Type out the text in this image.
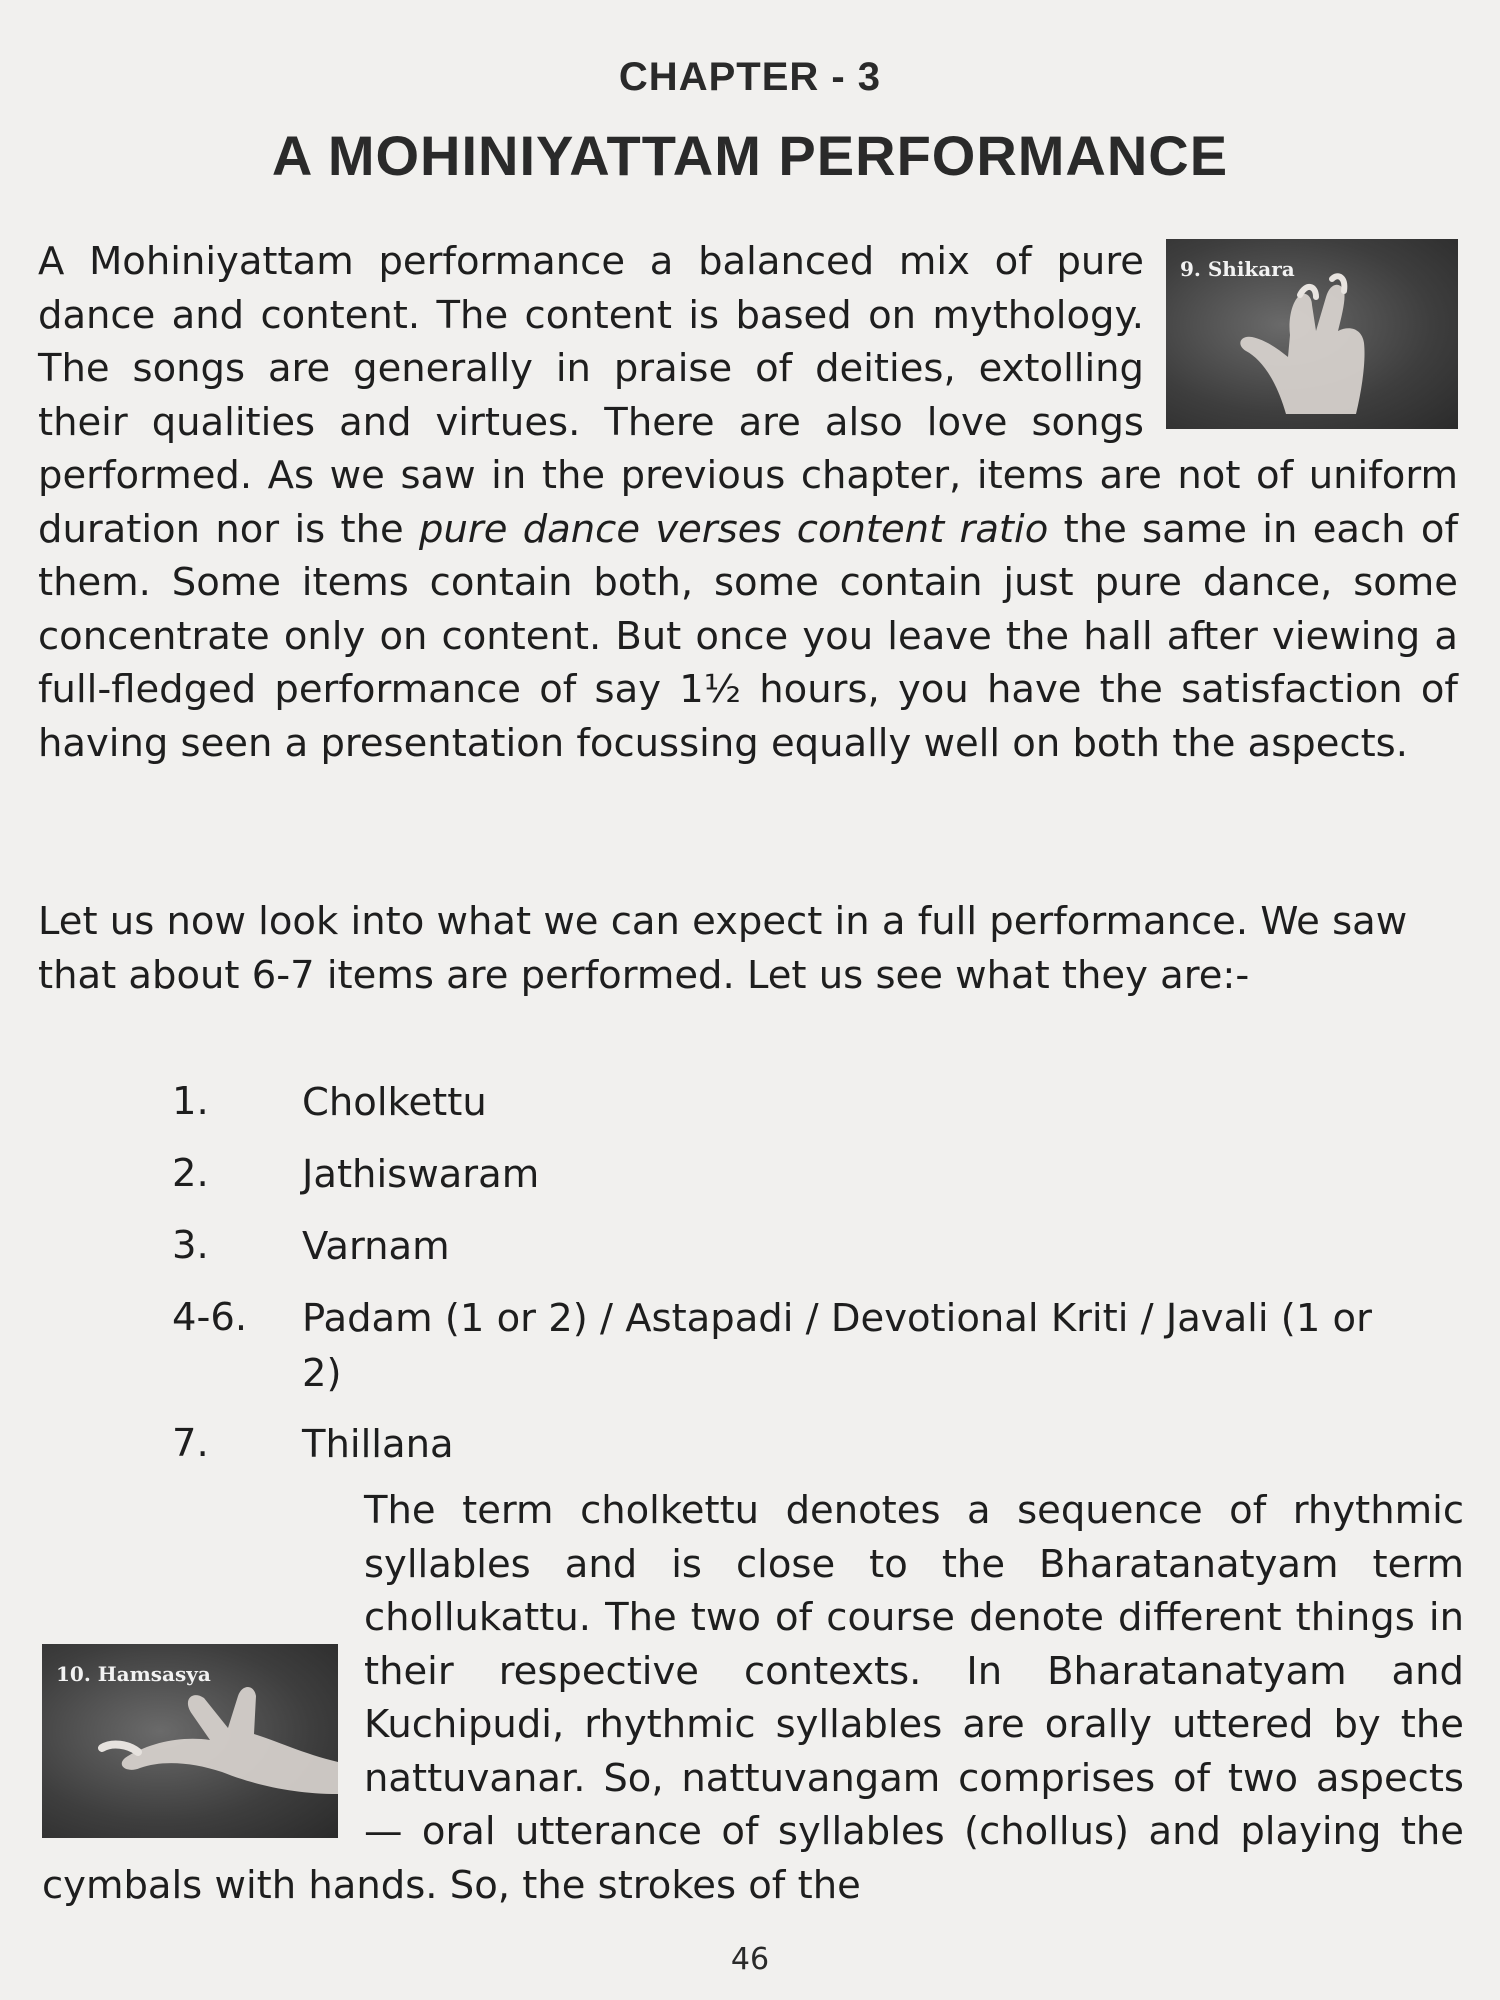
CHAPTER - 3
A MOHINIYATTAM PERFORMANCE
9. Shikara

A Mohiniyattam performance a balanced mix of pure dance and content. The content is based on mythology. The songs are generally in praise of deities, extolling their qualities and virtues. There are also love songs performed. As we saw in the previous chapter, items are not of uniform duration nor is the pure dance verses content ratio the same in each of them. Some items contain both, some contain just pure dance, some concentrate only on content. But once you leave the hall after viewing a full-fledged performance of say 1½ hours, you have the satisfaction of having seen a presentation focussing equally well on both the aspects.

Let us now look into what we can expect in a full performance. We saw that about 6-7 items are performed. Let us see what they are:-
1. Cholkettu
2. Jathiswaram
3. Varnam
4-6. Padam (1 or 2) / Astapadi / Devotional Kriti / Javali (1 or 2)
7. Thillana
10. Hamsasya

The term cholkettu denotes a sequence of rhythmic syllables and is close to the Bharatanatyam term chollukattu. The two of course denote different things in their respective contexts. In Bharatanatyam and Kuchipudi, rhythmic syllables are orally uttered by the nattuvanar. So, nattuvangam comprises of two aspects — oral utterance of syllables (chollus) and playing the cymbals with hands. So, the strokes of the

46
